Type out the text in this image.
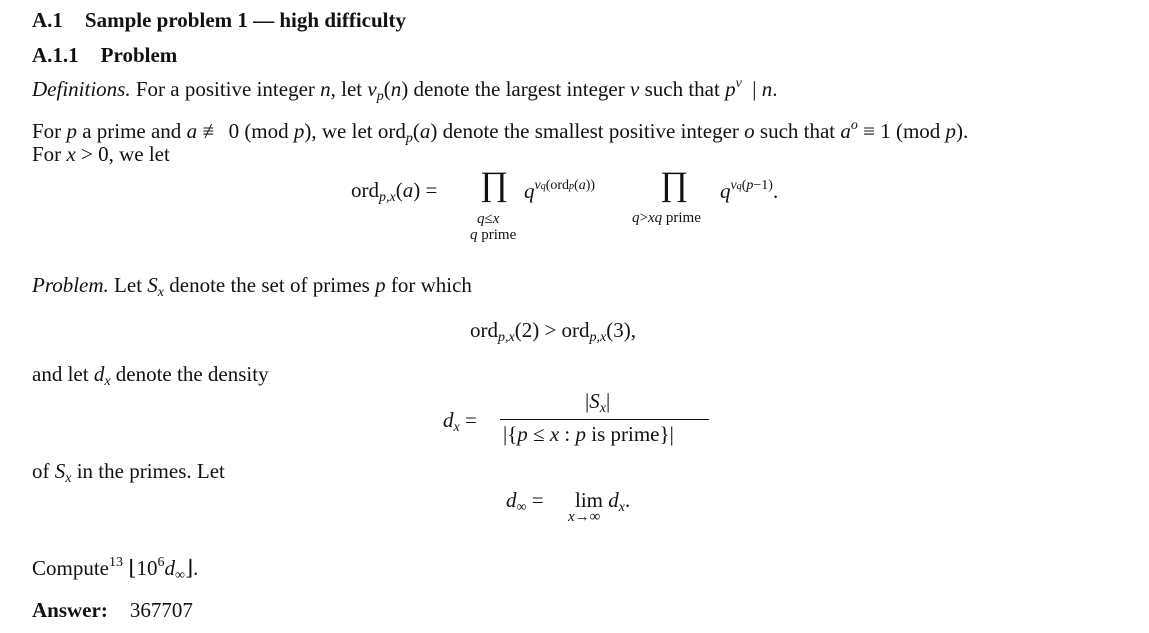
A.1 Sample problem 1 — high difficulty
A.1.1 Problem
Definitions. For a positive integer n, let $v_p(n)$ denote the largest integer v such that $p^v$  | n.
For p a prime and a ≢ 0 (mod p), we let ord$_p$(a) denote the smallest positive integer o such that $a^o \equiv 1$ (mod p).
For x > 0, we let
ord$_{p,x}$(a) = ∏ $q^{vq(ordp(a))}$
q≤x
q prime
∏ $q^{vq(p-1)}$.
q>xq prime
Problem. Let $S_x$ denote the set of primes p for which
ord$_{p,x}$(2) > ord$_{p,x}$(3),
and let $d_x$ denote the density
$d_x$ =
$|S_x|$
|{p ≤ x : p is prime}|
of $S_x$ in the primes. Let
$d_\infty = \lim d_x$.
x→∞
Compute$^{13}$ $⌊10^6d_\infty⌋$.
Answer: 367707
